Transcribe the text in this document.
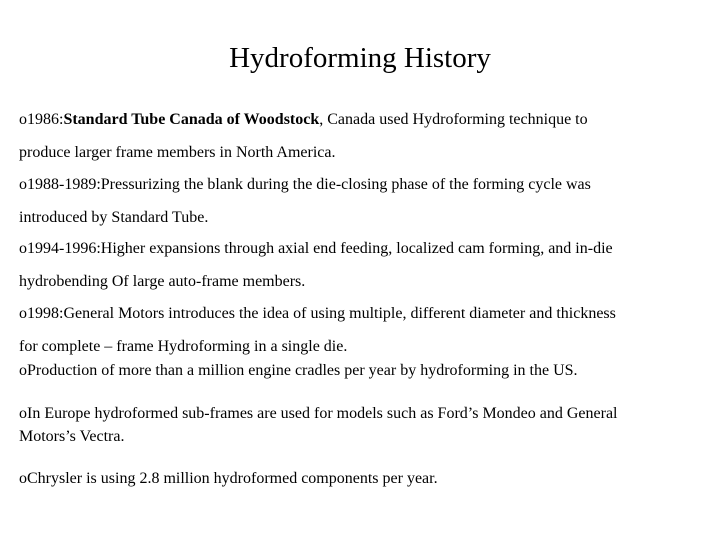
Hydroforming History
o1986:Standard Tube Canada of Woodstock, Canada used Hydroforming technique to
produce larger frame members in North America.
o1988-1989:Pressurizing the blank during the die-closing phase of the forming cycle was
introduced by Standard Tube.
o1994-1996:Higher expansions through axial end feeding, localized cam forming, and in-die
hydrobending Of large auto-frame members.
o1998:General Motors introduces the idea of using multiple, different diameter and thickness
for complete – frame Hydroforming in a single die.
oProduction of more than a million engine cradles per year by hydroforming in the US.
oIn Europe hydroformed sub-frames are used for models such as Ford’s Mondeo and General
Motors’s Vectra.
oChrysler is using 2.8 million hydroformed components per year.
